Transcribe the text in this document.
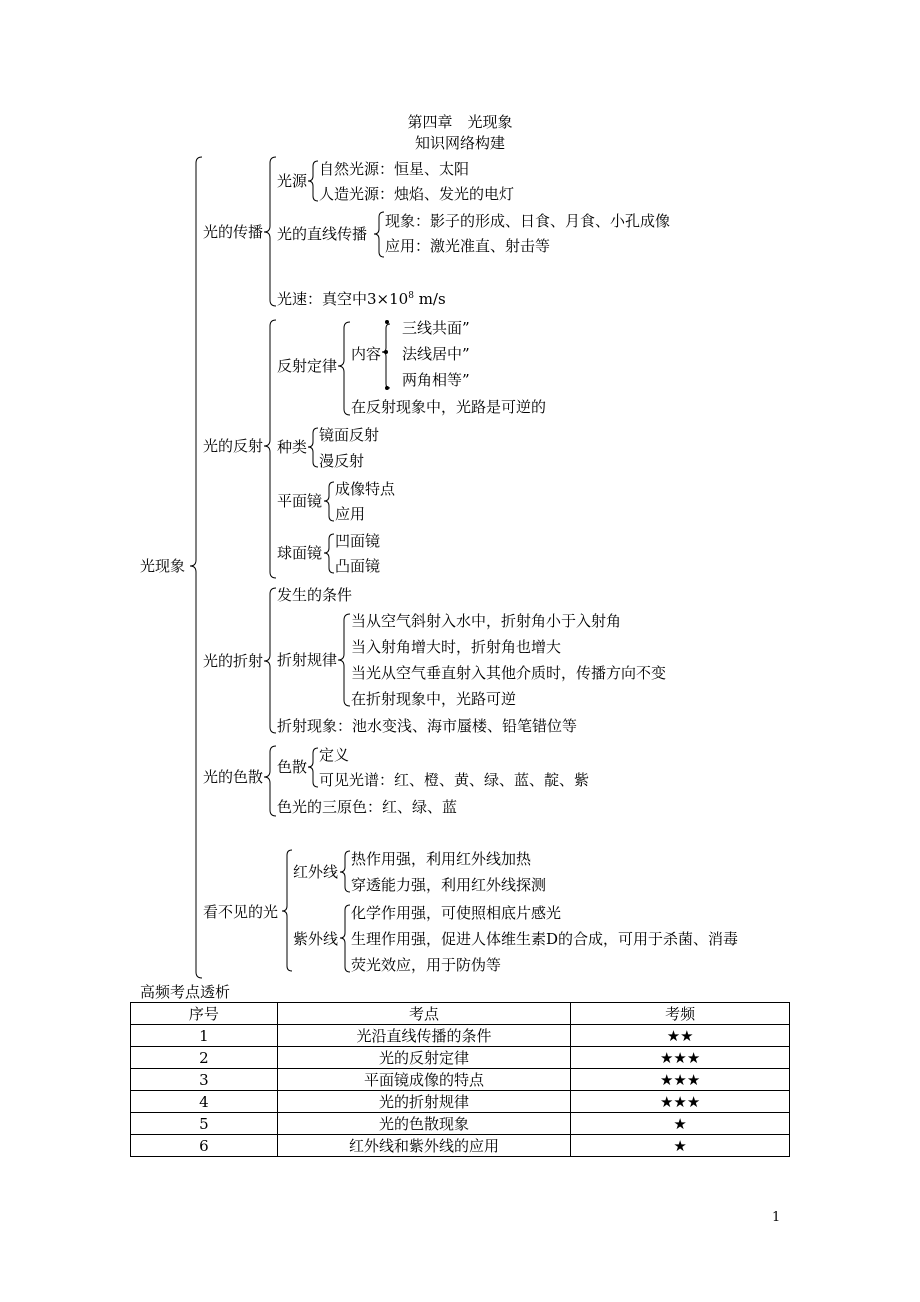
第四章　光现象
知识网络构建
光现象
光的传播
光源
自然光源：恒星、太阳
人造光源：烛焰、发光的电灯
光的直线传播
现象：影子的形成、日食、月食、小孔成像
应用：激光准直、射击等
光速：真空中$3\times 10^8$ m/s
光的反射
反射定律
内容
三线共面”
法线居中”
两角相等”
在反射现象中，光路是可逆的
种类
镜面反射
漫反射
平面镜
成像特点
应用
球面镜
凹面镜
凸面镜
光的折射
发生的条件
折射规律
当从空气斜射入水中，折射角小于入射角
当入射角增大时，折射角也增大
当光从空气垂直射入其他介质时，传播方向不变
在折射现象中，光路可逆
折射现象：池水变浅、海市蜃楼、铅笔错位等
光的色散
色散
定义
可见光谱：红、橙、黄、绿、蓝、靛、紫
色光的三原色：红、绿、蓝
看不见的光
红外线
热作用强，利用红外线加热
穿透能力强，利用红外线探测
紫外线
化学作用强，可使照相底片感光
生理作用强，促进人体维生素D的合成，可用于杀菌、消毒
荧光效应，用于防伪等
高频考点透析
序号	考点	考频
1	光沿直线传播的条件	★★
2	光的反射定律	★★★
3	平面镜成像的特点	★★★
4	光的折射规律	★★★
5	光的色散现象	★
6	红外线和紫外线的应用	★
1
